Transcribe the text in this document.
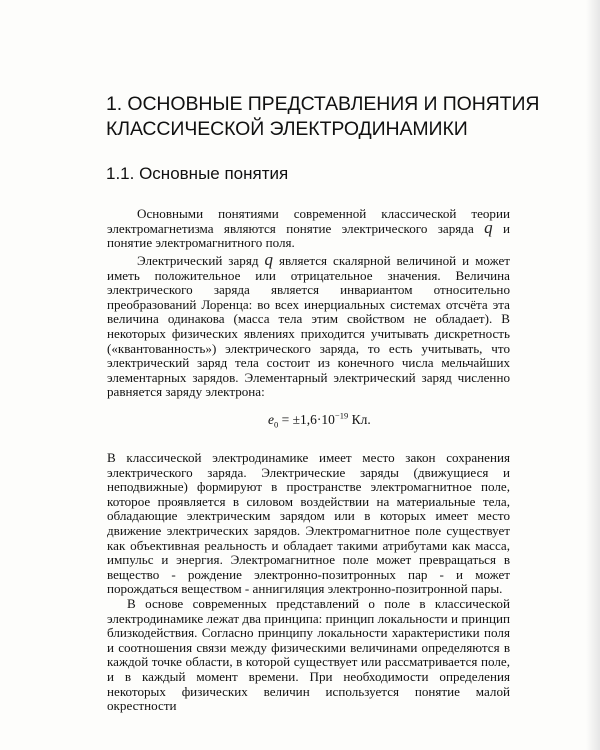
1. ОСНОВНЫЕ ПРЕДСТАВЛЕНИЯ И ПОНЯТИЯ
КЛАССИЧЕСКОЙ ЭЛЕКТРОДИНАМИКИ
1.1. Основные понятия

Основными понятиями современной классической теории электромагнетизма являются понятие электрического заряда q и понятие электромагнитного поля.

Электрический заряд q является скалярной величиной и может иметь положительное или отрицательное значения. Величина электрического заряда является инвариантом относительно преобразований Лоренца: во всех инерциальных системах отсчёта эта величина одинакова (масса тела этим свойством не обладает). В некоторых физических явлениях приходится учитывать дискретность («квантованность») электрического заряда, то есть учитывать, что электрический заряд тела состоит из конечного числа мельчайших элементарных зарядов. Элементарный электрический заряд численно равняется заряду электрона:

$e_0 = \pm 1,6\cdot 10^{-19}$ Кл.

В классической электродинамике имеет место закон сохранения электрического заряда. Электрические заряды (движущиеся и неподвижные) формируют в пространстве электромагнитное поле, которое проявляется в силовом воздействии на материальные тела, обладающие электрическим зарядом или в которых имеет место движение электрических зарядов. Электромагнитное поле существует как объективная реальность и обладает такими атрибутами как масса, импульс и энергия. Электромагнитное поле может превращаться в вещество - рождение электронно-позитронных пар - и может порождаться веществом - аннигиляция электронно-позитронной пары.

В основе современных представлений о поле в классической электродинамике лежат два принципа: принцип локальности и принцип близкодействия. Согласно принципу локальности характеристики поля и соотношения связи между физическими величинами определяются в каждой точке области, в которой существует или рассматривается поле, и в каждый момент времени. При необходимости определения некоторых физических величин используется понятие малой окрестности
